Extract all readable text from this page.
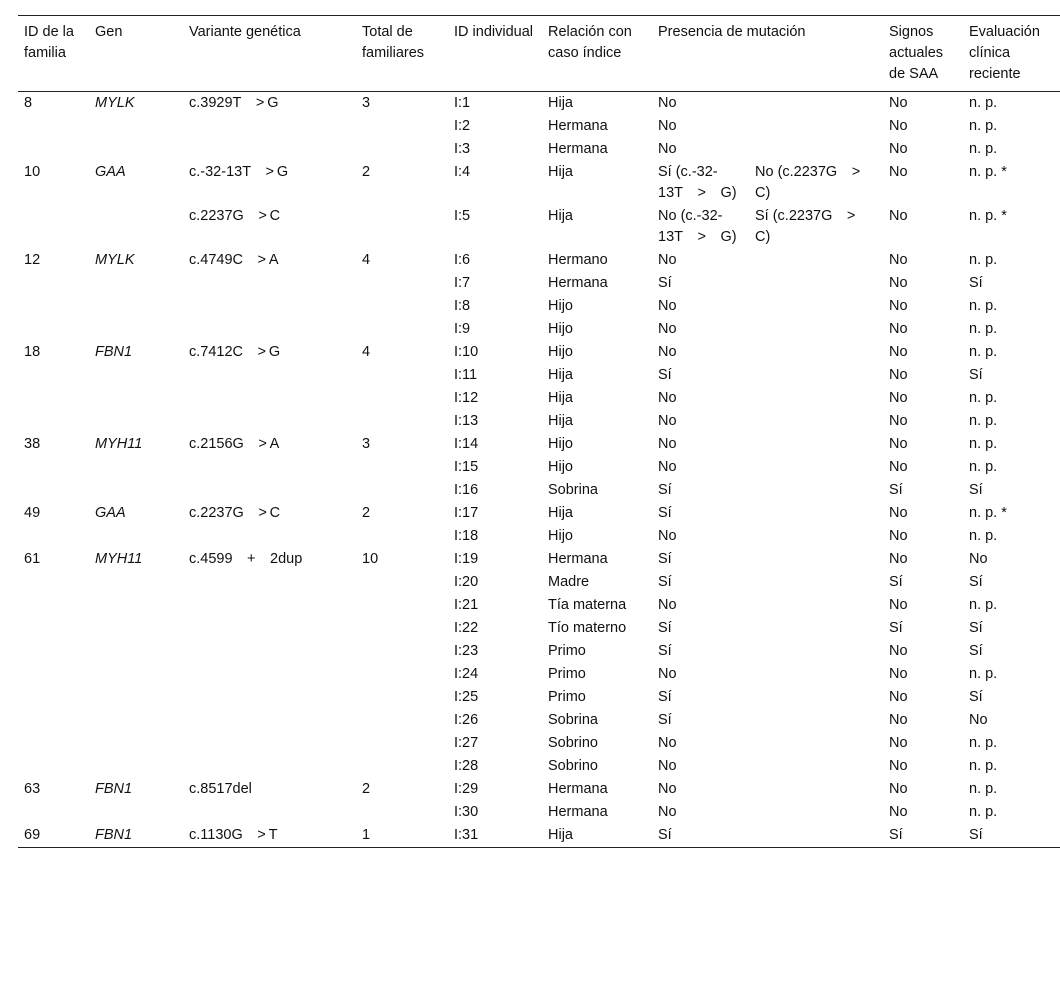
ID de la familia	Gen	Variante genética	Total de familiares	ID individual	Relación con caso índice	Presencia de mutación		Signos actuales de SAA	Evaluación clínica reciente
8	MYLK	c.3929T > G	3	I:1	Hija	No		No	n. p.
				I:2	Hermana	No		No	n. p.
				I:3	Hermana	No		No	n. p.
10	GAA	c.-32-13T > G	2	I:4	Hija	Sí (c.-32-13T > G)	No (c.2237G > C)	No	n. p. *
		c.2237G > C		I:5	Hija	No (c.-32-13T > G)	Sí (c.2237G > C)	No	n. p. *
12	MYLK	c.4749C > A	4	I:6	Hermano	No		No	n. p.
				I:7	Hermana	Sí		No	Sí
				I:8	Hijo	No		No	n. p.
				I:9	Hijo	No		No	n. p.
18	FBN1	c.7412C > G	4	I:10	Hijo	No		No	n. p.
				I:11	Hija	Sí		No	Sí
				I:12	Hija	No		No	n. p.
				I:13	Hija	No		No	n. p.
38	MYH11	c.2156G > A	3	I:14	Hijo	No		No	n. p.
				I:15	Hijo	No		No	n. p.
				I:16	Sobrina	Sí		Sí	Sí
49	GAA	c.2237G > C	2	I:17	Hija	Sí		No	n. p. *
				I:18	Hijo	No		No	n. p.
61	MYH11	c.4599 + 2dup	10	I:19	Hermana	Sí		No	No
				I:20	Madre	Sí		Sí	Sí
				I:21	Tía materna	No		No	n. p.
				I:22	Tío materno	Sí		Sí	Sí
				I:23	Primo	Sí		No	Sí
				I:24	Primo	No		No	n. p.
				I:25	Primo	Sí		No	Sí
				I:26	Sobrina	Sí		No	No
				I:27	Sobrino	No		No	n. p.
				I:28	Sobrino	No		No	n. p.
63	FBN1	c.8517del	2	I:29	Hermana	No		No	n. p.
				I:30	Hermana	No		No	n. p.
69	FBN1	c.1130G > T	1	I:31	Hija	Sí		Sí	Sí
